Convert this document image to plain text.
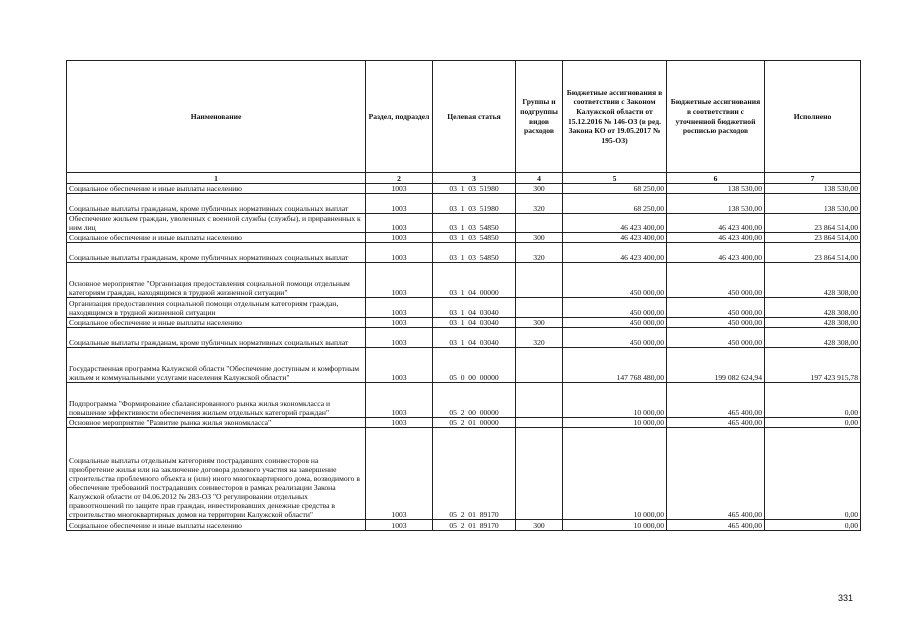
Наименование	Раздел, подраздел	Целевая статья	Группы и подгруппы видов расходов	Бюджетные ассигнования в соответствии с Законом Калужской области от 15.12.2016 № 146-ОЗ (в ред. Закона КО от 19.05.2017 № 195-ОЗ)	Бюджетные ассигнования в соответствии с уточненной бюджетной росписью расходов	Исполнено
1	2	3	4	5	6	7
Социальное обеспечение и иные выплаты населению	1003	03  1  03  51980	300	68 250,00	138 530,00	138 530,00
Социальные выплаты гражданам, кроме публичных нормативных социальных выплат	1003	03  1  03  51980	320	68 250,00	138 530,00	138 530,00
Обеспечение жильем граждан, уволенных с военной службы (службы), и приравненных к ним лиц	1003	03  1  03  54850		46 423 400,00	46 423 400,00	23 864 514,00
Социальное обеспечение и иные выплаты населению	1003	03  1  03  54850	300	46 423 400,00	46 423 400,00	23 864 514,00
Социальные выплаты гражданам, кроме публичных нормативных социальных выплат	1003	03  1  03  54850	320	46 423 400,00	46 423 400,00	23 864 514,00
Основное мероприятие "Организация предоставления социальной помощи отдельным категориям граждан, находящимся в трудной жизненной ситуации"	1003	03  1  04  00000		450 000,00	450 000,00	428 308,00
Организация предоставления социальной помощи отдельным категориям граждан, находящимся в трудной жизненной ситуации	1003	03  1  04  03040		450 000,00	450 000,00	428 308,00
Социальное обеспечение и иные выплаты населению	1003	03  1  04  03040	300	450 000,00	450 000,00	428 308,00
Социальные выплаты гражданам, кроме публичных нормативных социальных выплат	1003	03  1  04  03040	320	450 000,00	450 000,00	428 308,00
Государственная программа Калужской области "Обеспечение доступным и комфортным жильем и коммунальными услугами населения Калужской области"	1003	05  0  00  00000		147 768 480,00	199 082 624,94	197 423 915,78
Подпрограмма "Формирование сбалансированного рынка жилья экономкласса и повышение эффективности обеспечения жильем отдельных категорий граждан"	1003	05  2  00  00000		10 000,00	465 400,00	0,00
Основное мероприятие "Развитие рынка жилья экономкласса"	1003	05  2  01  00000		10 000,00	465 400,00	0,00
Социальные выплаты отдельным категориям пострадавших соинвесторов на приобретение жилья или на заключение договора долевого участия на завершение строительства проблемного объекта и (или) иного многоквартирного дома, возводимого в обеспечение требований пострадавших соинвесторов в рамках реализации Закона Калужской области от 04.06.2012 № 283-ОЗ "О регулировании отдельных правоотношений по защите прав граждан, инвестировавших денежные средства в строительство многоквартирных домов на территории Калужской области"	1003	05  2  01  89170		10 000,00	465 400,00	0,00
Социальное обеспечение и иные выплаты населению	1003	05  2  01  89170	300	10 000,00	465 400,00	0,00
331
